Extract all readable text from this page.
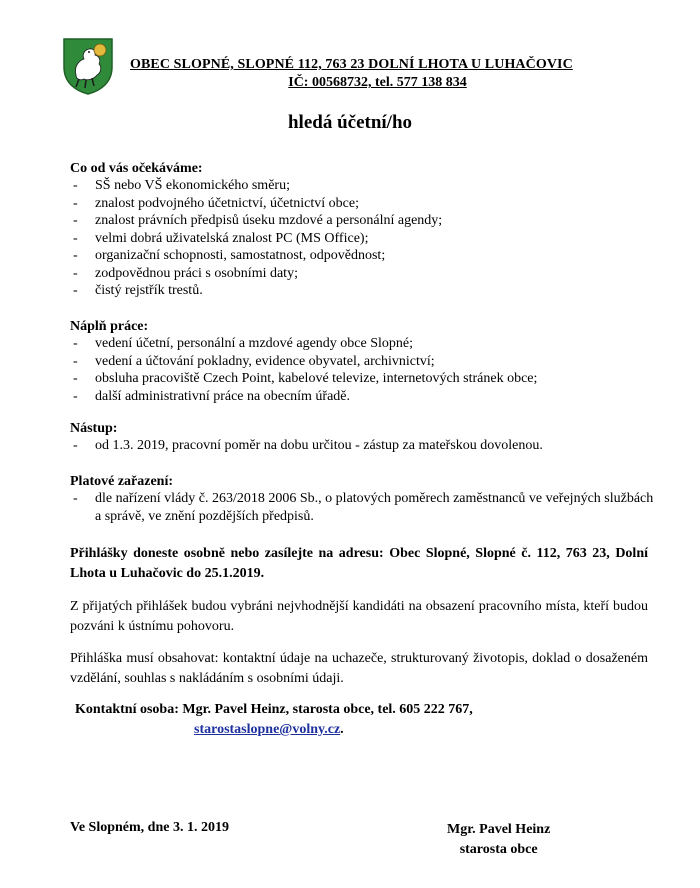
OBEC SLOPNÉ, SLOPNÉ 112, 763 23 DOLNÍ LHOTA U LUHAČOVIC
IČ: 00568732, tel. 577 138 834
hledá účetní/ho

Co od vás očekáváme:

- SŠ nebo VŠ ekonomického směru;
- znalost podvojného účetnictví, účetnictví obce;
- znalost právních předpisů úseku mzdové a personální agendy;
- velmi dobrá uživatelská znalost PC (MS Office);
- organizační schopnosti, samostatnost, odpovědnost;
- zodpovědnou práci s osobními daty;
- čistý rejstřík trestů.

Náplň práce:

- vedení účetní, personální a mzdové agendy obce Slopné;
- vedení a účtování pokladny, evidence obyvatel, archivnictví;
- obsluha pracoviště Czech Point, kabelové televize, internetových stránek obce;
- další administrativní práce na obecním úřadě.

Nástup:

- od 1.3. 2019, pracovní poměr na dobu určitou - zástup za mateřskou dovolenou.

Platové zařazení:

- dle nařízení vlády č. 263/2018 2006 Sb., o platových poměrech zaměstnanců ve veřejných službách a správě, ve znění pozdějších předpisů.
Přihlášky doneste osobně nebo zasílejte na adresu: Obec Slopné, Slopné č. 112, 763 23, Dolní Lhota u Luhačovic do 25.1.2019.
Z přijatých přihlášek budou vybráni nejvhodnější kandidáti na obsazení pracovního místa, kteří budou pozváni k ústnímu pohovoru.
Přihláška musí obsahovat: kontaktní údaje na uchazeče, strukturovaný životopis, doklad o dosaženém vzdělání, souhlas s nakládáním s osobními údaji.
Kontaktní osoba: Mgr. Pavel Heinz, starosta obce, tel. 605 222 767,
starostaslopne@volny.cz.
Ve Slopném, dne 3. 1. 2019	Mgr. Pavel Heinz
starosta obce
